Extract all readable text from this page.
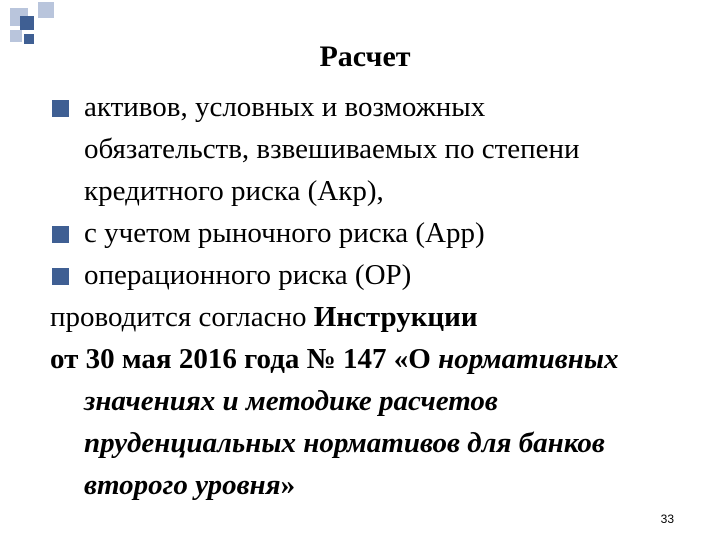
Расчет
активов, условных и возможных
обязательств, взвешиваемых по степени
кредитного риска (Акр),
с учетом рыночного риска (Арр)
операционного риска (ОР)
проводится согласно Инструкции
от 30 мая 2016 года № 147 «О нормативных
значениях и методике расчетов
пруденциальных нормативов для банков
второго уровня»
33
